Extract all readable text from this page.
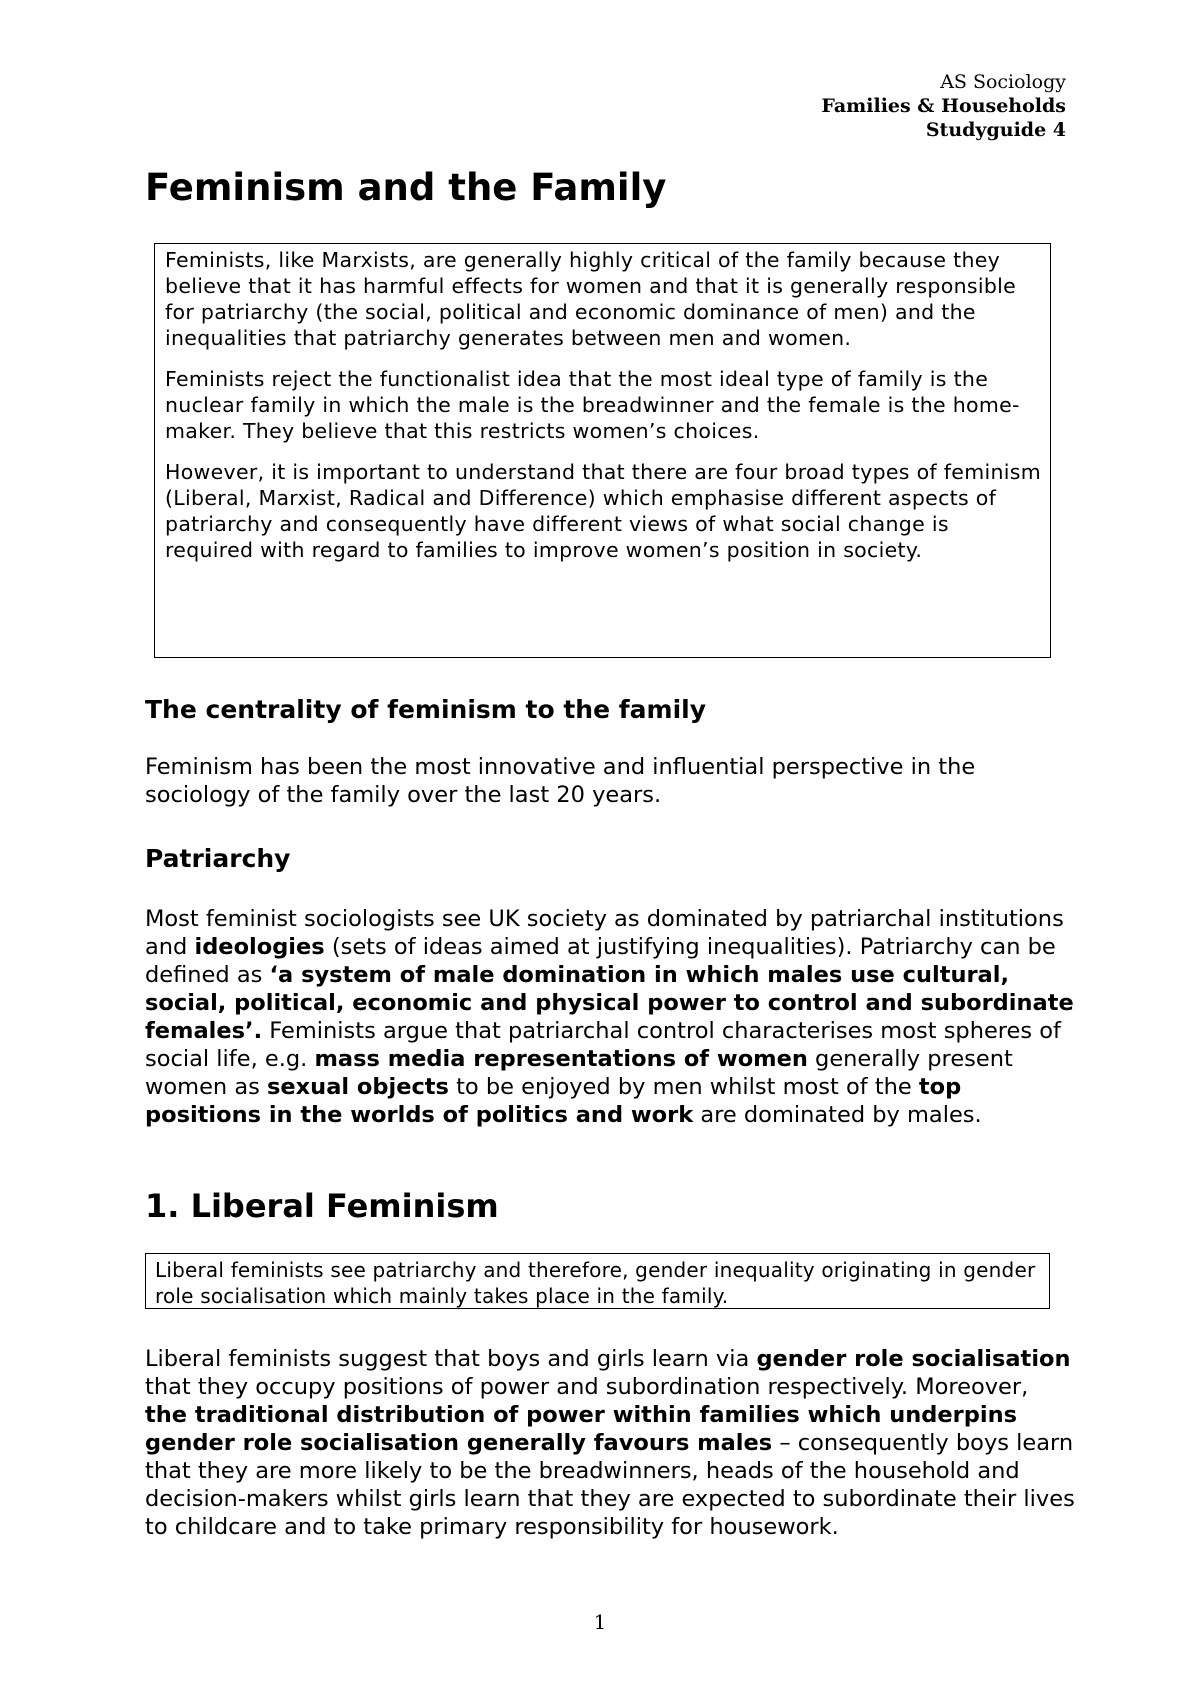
AS Sociology
Families & Households
Studyguide 4
Feminism and the Family

Feminists, like Marxists, are generally highly critical of the family because they believe that it has harmful effects for women and that it is generally responsible for patriarchy (the social, political and economic dominance of men) and the inequalities that patriarchy generates between men and women.

Feminists reject the functionalist idea that the most ideal type of family is the nuclear family in which the male is the breadwinner and the female is the home-maker. They believe that this restricts women’s choices.

However, it is important to understand that there are four broad types of feminism (Liberal, Marxist, Radical and Difference) which emphasise different aspects of patriarchy and consequently have different views of what social change is required with regard to families to improve women’s position in society.

The centrality of feminism to the family

Feminism has been the most innovative and influential perspective in the sociology of the family over the last 20 years.

Patriarchy

Most feminist sociologists see UK society as dominated by patriarchal institutions and ideologies (sets of ideas aimed at justifying inequalities). Patriarchy can be defined as ‘a system of male domination in which males use cultural, social, political, economic and physical power to control and subordinate females’. Feminists argue that patriarchal control characterises most spheres of social life, e.g. mass media representations of women generally present women as sexual objects to be enjoyed by men whilst most of the top positions in the worlds of politics and work are dominated by males.

1. Liberal Feminism

Liberal feminists see patriarchy and therefore, gender inequality originating in gender role socialisation which mainly takes place in the family.

Liberal feminists suggest that boys and girls learn via gender role socialisation that they occupy positions of power and subordination respectively. Moreover, the traditional distribution of power within families which underpins gender role socialisation generally favours males – consequently boys learn that they are more likely to be the breadwinners, heads of the household and decision-makers whilst girls learn that they are expected to subordinate their lives to childcare and to take primary responsibility for housework.

1
